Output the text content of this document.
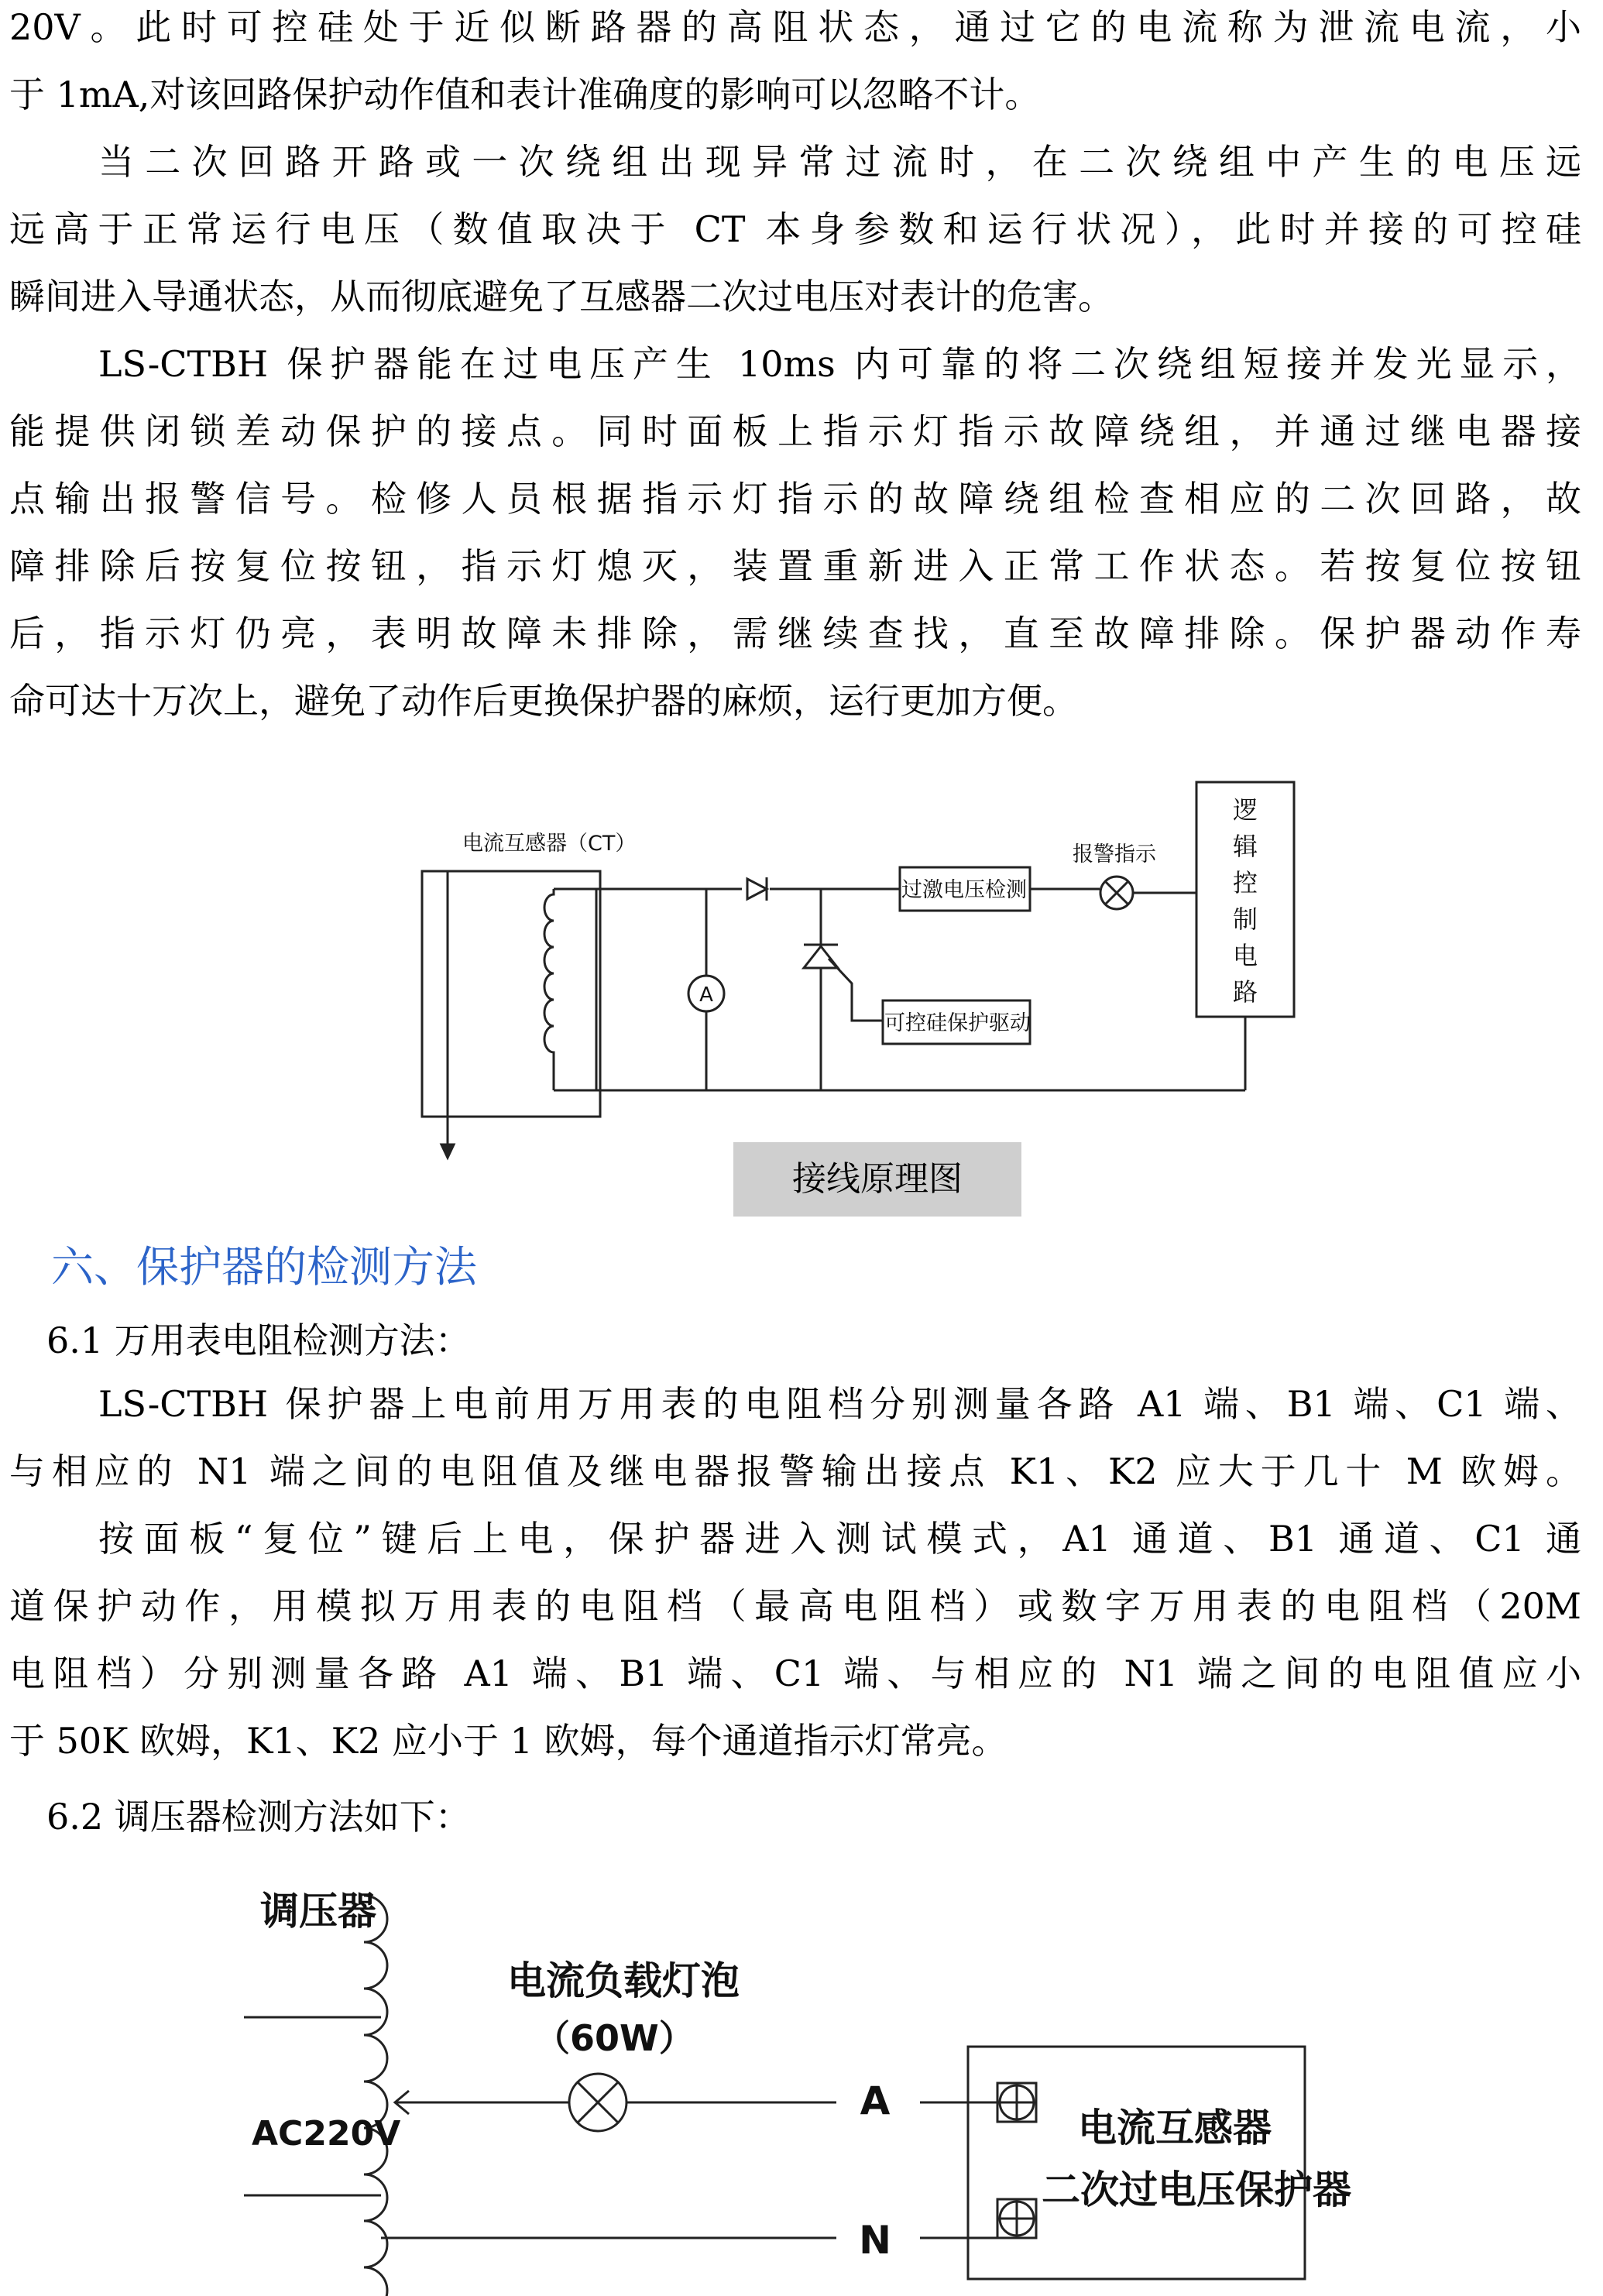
20V。此时可控硅处于近似断路器的高阻状态，通过它的电流称为泄流电流，小
于 1mA,对该回路保护动作值和表计准确度的影响可以忽略不计。
当二次回路开路或一次绕组出现异常过流时，在二次绕组中产生的电压远
远高于正常运行电压（数值取决于 CT 本身参数和运行状况），此时并接的可控硅
瞬间进入导通状态，从而彻底避免了互感器二次过电压对表计的危害。
LS-CTBH 保护器能在过电压产生 10ms 内可靠的将二次绕组短接并发光显示，
能提供闭锁差动保护的接点。同时面板上指示灯指示故障绕组，并通过继电器接
点输出报警信号。检修人员根据指示灯指示的故障绕组检查相应的二次回路，故
障排除后按复位按钮，指示灯熄灭，装置重新进入正常工作状态。若按复位按钮
后，指示灯仍亮，表明故障未排除，需继续查找，直至故障排除。保护器动作寿
命可达十万次上，避免了动作后更换保护器的麻烦，运行更加方便。
电流互感器（CT）
A
过激电压检测
报警指示
可控硅保护驱动
逻
辑
控
制
电
路
接线原理图
六、保护器的检测方法
6.1 万用表电阻检测方法：
LS-CTBH 保护器上电前用万用表的电阻档分别测量各路 A1 端、B1 端、C1 端、
与相应的 N1 端之间的电阻值及继电器报警输出接点 K1、K2 应大于几十 M 欧姆。
按面板“复位”键后上电，保护器进入测试模式，A1 通道、B1 通道、C1 通
道保护动作，用模拟万用表的电阻档（最高电阻档）或数字万用表的电阻档（20M
电阻档）分别测量各路 A1 端、B1 端、C1 端、与相应的 N1 端之间的电阻值应小
于 50K 欧姆，K1、K2 应小于 1 欧姆，每个通道指示灯常亮。
6.2 调压器检测方法如下：
调压器
电流负载灯泡
（60W）
AC220V
A
N
电流互感器
二次过电压保护器
